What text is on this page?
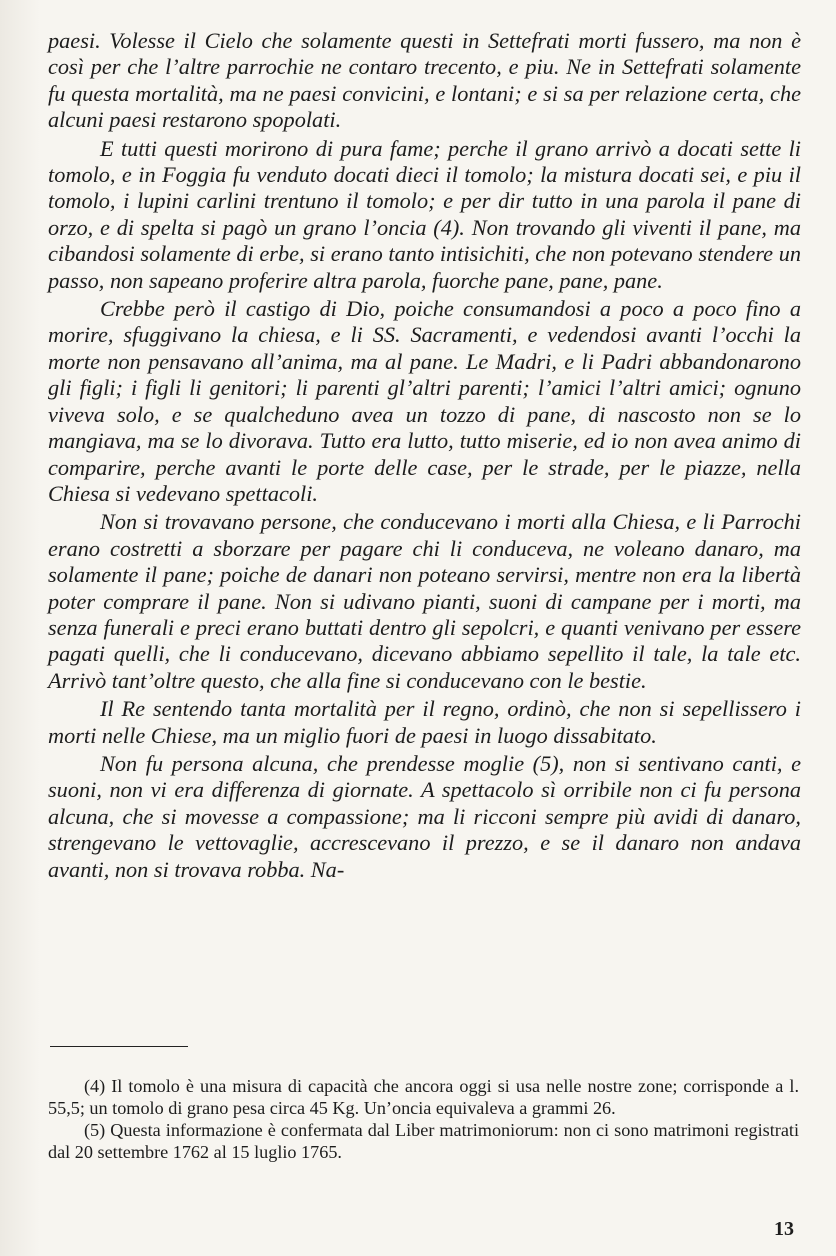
paesi. Volesse il Cielo che solamente questi in Settefrati morti fussero, ma non è così per che l’altre parrochie ne contaro trecento, e piu. Ne in Settefrati solamente fu questa mortalità, ma ne paesi convicini, e lontani; e si sa per relazione certa, che alcuni paesi restarono spopolati.

E tutti questi morirono di pura fame; perche il grano arrivò a docati sette li tomolo, e in Foggia fu venduto docati dieci il tomolo; la mistura docati sei, e piu il tomolo, i lupini carlini trentuno il tomolo; e per dir tutto in una parola il pane di orzo, e di spelta si pagò un grano l’oncia (4). Non trovando gli viventi il pane, ma cibandosi solamente di erbe, si erano tanto intisichiti, che non potevano stendere un passo, non sapeano proferire altra parola, fuorche pane, pane, pane.

Crebbe però il castigo di Dio, poiche consumandosi a poco a poco fino a morire, sfuggivano la chiesa, e li SS. Sacramenti, e vedendosi avanti l’occhi la morte non pensavano all’anima, ma al pane. Le Madri, e li Padri abbandonarono gli figli; i figli li genitori; li parenti gl’altri parenti; l’amici l’altri amici; ognuno viveva solo, e se qualcheduno avea un tozzo di pane, di nascosto non se lo mangiava, ma se lo divorava. Tutto era lutto, tutto miserie, ed io non avea animo di comparire, perche avanti le porte delle case, per le strade, per le piazze, nella Chiesa si vedevano spettacoli.

Non si trovavano persone, che conducevano i morti alla Chiesa, e li Parrochi erano costretti a sborzare per pagare chi li conduceva, ne voleano danaro, ma solamente il pane; poiche de danari non poteano servirsi, mentre non era la libertà poter comprare il pane. Non si udivano pianti, suoni di campane per i morti, ma senza funerali e preci erano buttati dentro gli sepolcri, e quanti venivano per essere pagati quelli, che li conducevano, dicevano abbiamo sepellito il tale, la tale etc. Arrivò tant’oltre questo, che alla fine si conducevano con le bestie.

Il Re sentendo tanta mortalità per il regno, ordinò, che non si sepellissero i morti nelle Chiese, ma un miglio fuori de paesi in luogo dissabitato.

Non fu persona alcuna, che prendesse moglie (5), non si sentivano canti, e suoni, non vi era differenza di giornate. A spettacolo sì orribile non ci fu persona alcuna, che si movesse a compassione; ma li ricconi sempre più avidi di danaro, strengevano le vettovaglie, accrescevano il prezzo, e se il danaro non andava avanti, non si trovava robba. Na-

(4) Il tomolo è una misura di capacità che ancora oggi si usa nelle nostre zone; corrisponde a l. 55,5; un tomolo di grano pesa circa 45 Kg. Un’oncia equivaleva a grammi 26.

(5) Questa informazione è confermata dal Liber matrimoniorum: non ci sono matrimoni registrati dal 20 settembre 1762 al 15 luglio 1765.

13
